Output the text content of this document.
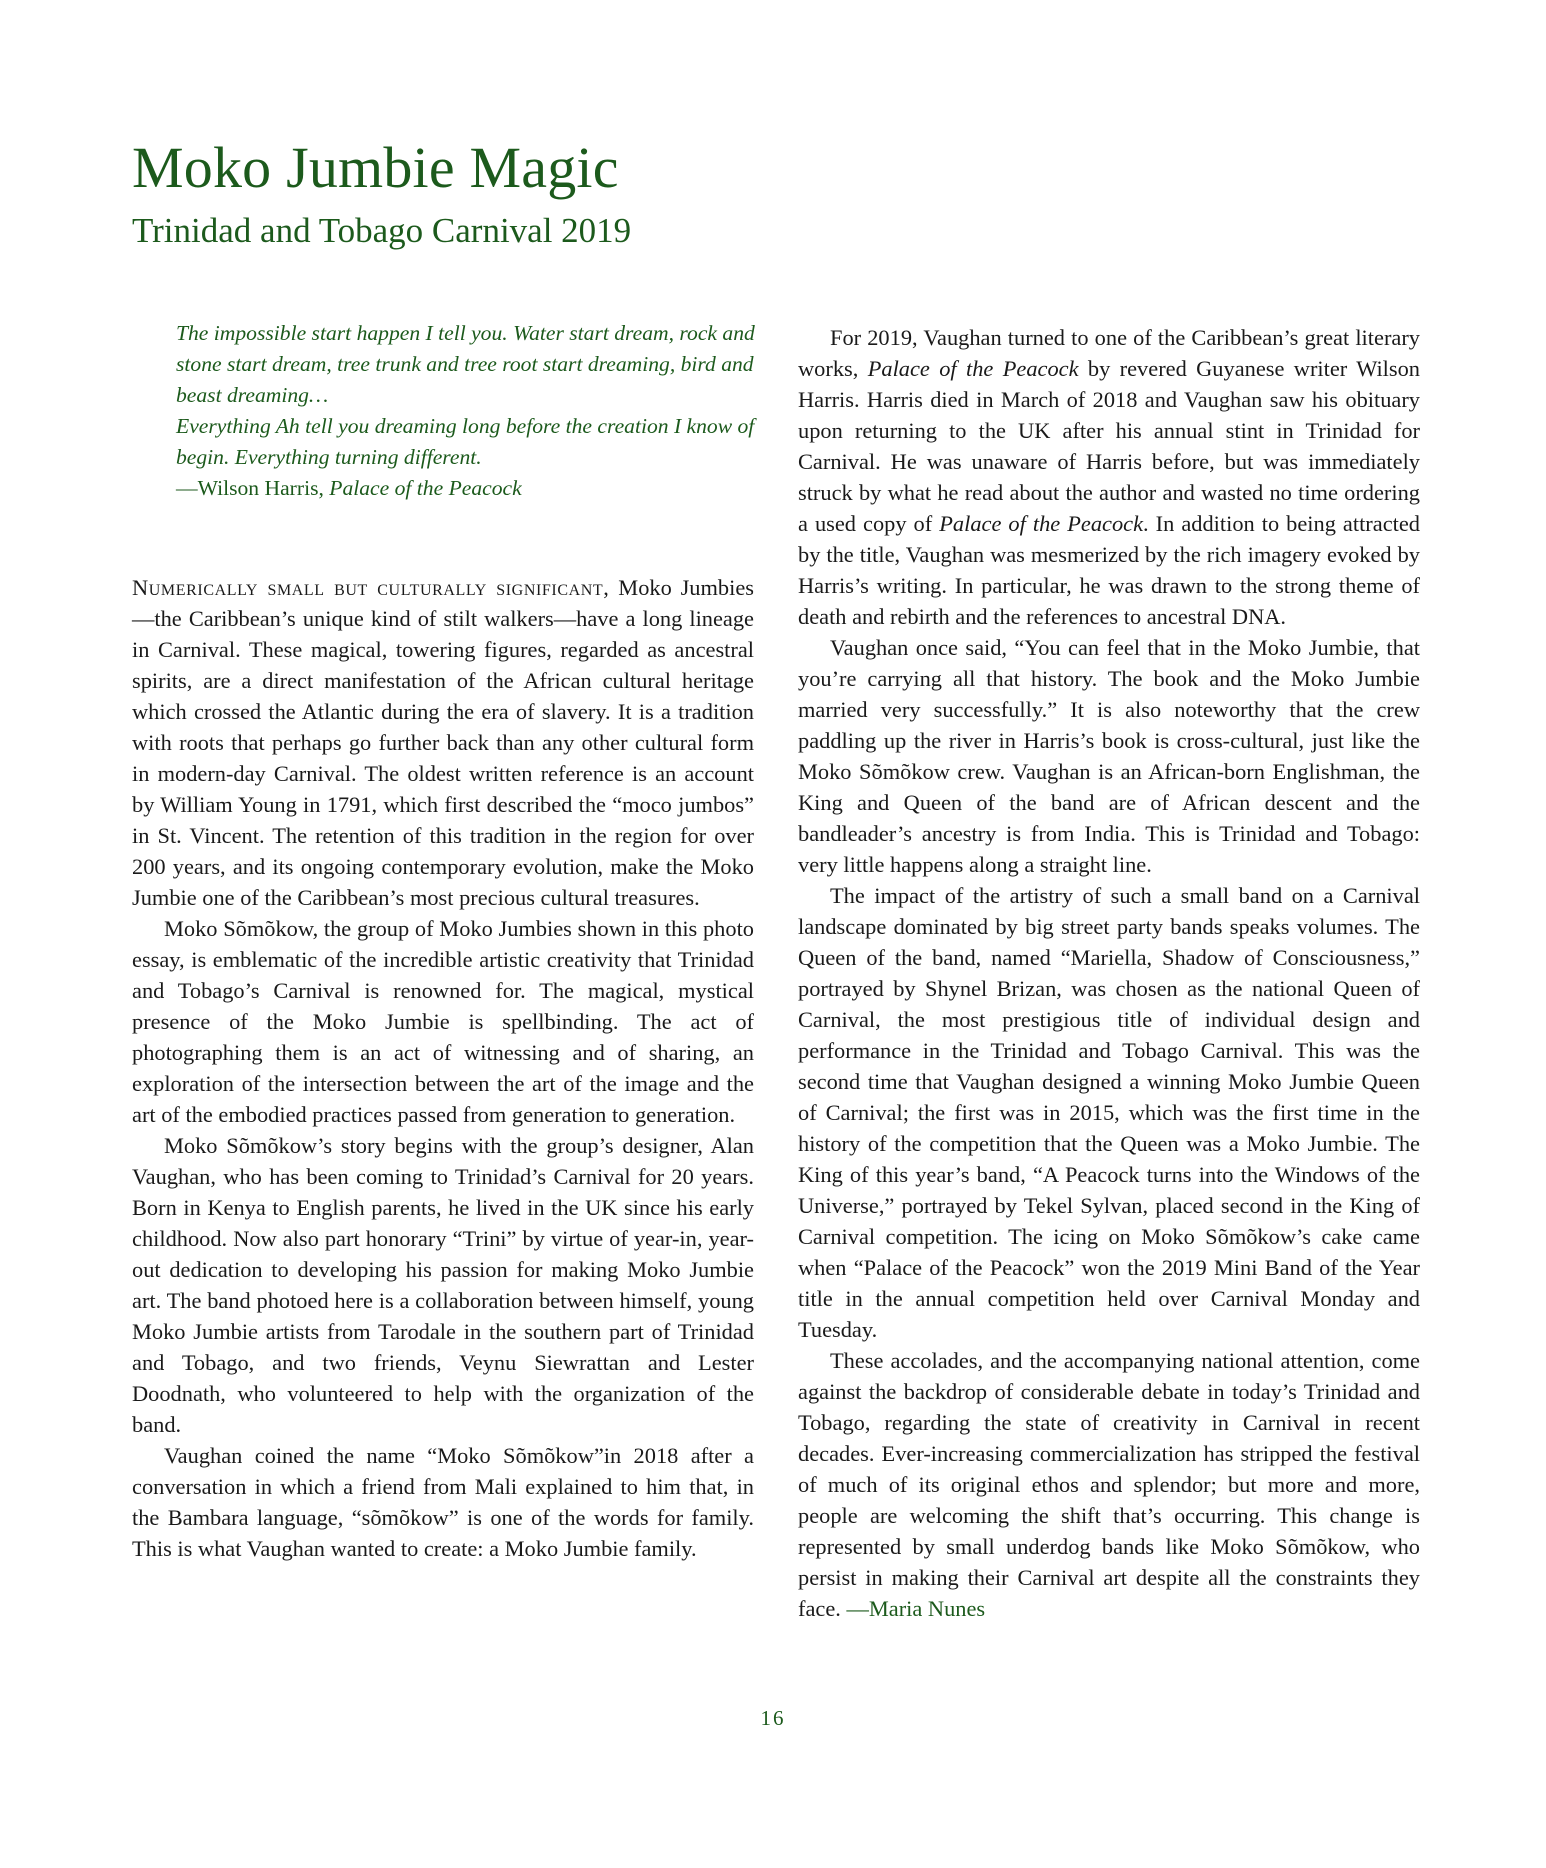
Moko Jumbie Magic
Trinidad and Tobago Carnival 2019

The impossible start happen I tell you. Water start dream, rock and stone start dream, tree trunk and tree root start dreaming, bird and beast dreaming…

Everything Ah tell you dreaming long before the creation I know of begin. Everything turning different.

—Wilson Harris, Palace of the Peacock

Numerically small but culturally significant, Moko Jumbies—the Caribbean’s unique kind of stilt walkers—have a long lineage in Carnival. These magical, towering figures, regarded as ancestral spirits, are a direct manifestation of the African cultural heritage which crossed the Atlantic during the era of slavery. It is a tradition with roots that perhaps go further back than any other cultural form in modern-day Carnival. The oldest written reference is an account by William Young in 1791, which first described the “moco jumbos” in St. Vincent. The retention of this tradition in the region for over 200 years, and its ongoing contemporary evolution, make the Moko Jumbie one of the Caribbean’s most precious cultural treasures.

Moko Sõmõkow, the group of Moko Jumbies shown in this photo essay, is emblematic of the incredible artistic creativity that Trinidad and Tobago’s Carnival is renowned for. The magical, mystical presence of the Moko Jumbie is spellbinding. The act of photographing them is an act of witnessing and of sharing, an exploration of the intersection between the art of the image and the art of the embodied practices passed from generation to generation.

Moko Sõmõkow’s story begins with the group’s designer, Alan Vaughan, who has been coming to Trinidad’s Carnival for 20 years. Born in Kenya to English parents, he lived in the UK since his early childhood. Now also part honorary “Trini” by virtue of year-in, year-out dedication to developing his passion for making Moko Jumbie art. The band photoed here is a collaboration between himself, young Moko Jumbie artists from Tarodale in the southern part of Trinidad and Tobago, and two friends, Veynu Siewrattan and Lester Doodnath, who volunteered to help with the organization of the band.

Vaughan coined the name “Moko Sõmõkow”in 2018 after a conversation in which a friend from Mali explained to him that, in the Bambara language, “sõmõkow” is one of the words for family. This is what Vaughan wanted to create: a Moko Jumbie family.

For 2019, Vaughan turned to one of the Caribbean’s great literary works, Palace of the Peacock by revered Guyanese writer Wilson Harris. Harris died in March of 2018 and Vaughan saw his obituary upon returning to the UK after his annual stint in Trinidad for Carnival. He was unaware of Harris before, but was immediately struck by what he read about the author and wasted no time ordering a used copy of Palace of the Peacock. In addition to being attracted by the title, Vaughan was mesmerized by the rich imagery evoked by Harris’s writing. In particular, he was drawn to the strong theme of death and rebirth and the references to ancestral DNA.

Vaughan once said, “You can feel that in the Moko Jumbie, that you’re carrying all that history. The book and the Moko Jumbie married very successfully.” It is also noteworthy that the crew paddling up the river in Harris’s book is cross-cultural, just like the Moko Sõmõkow crew. Vaughan is an African-born Englishman, the King and Queen of the band are of African descent and the bandleader’s ancestry is from India. This is Trinidad and Tobago: very little happens along a straight line.

The impact of the artistry of such a small band on a Carnival landscape dominated by big street party bands speaks volumes. The Queen of the band, named “Mariella, Shadow of Consciousness,” portrayed by Shynel Brizan, was chosen as the national Queen of Carnival, the most prestigious title of individual design and performance in the Trinidad and Tobago Carnival. This was the second time that Vaughan designed a winning Moko Jumbie Queen of Carnival; the first was in 2015, which was the first time in the history of the competition that the Queen was a Moko Jumbie. The King of this year’s band, “A Peacock turns into the Windows of the Universe,” portrayed by Tekel Sylvan, placed second in the King of Carnival competition. The icing on Moko Sõmõkow’s cake came when “Palace of the Peacock” won the 2019 Mini Band of the Year title in the annual competition held over Carnival Monday and Tuesday.

These accolades, and the accompanying national attention, come against the backdrop of considerable debate in today’s Trinidad and Tobago, regarding the state of creativity in Carnival in recent decades. Ever-increasing commercialization has stripped the festival of much of its original ethos and splendor; but more and more, people are welcoming the shift that’s occurring. This change is represented by small underdog bands like Moko Sõmõkow, who persist in making their Carnival art despite all the constraints they face. —Maria Nunes

16
